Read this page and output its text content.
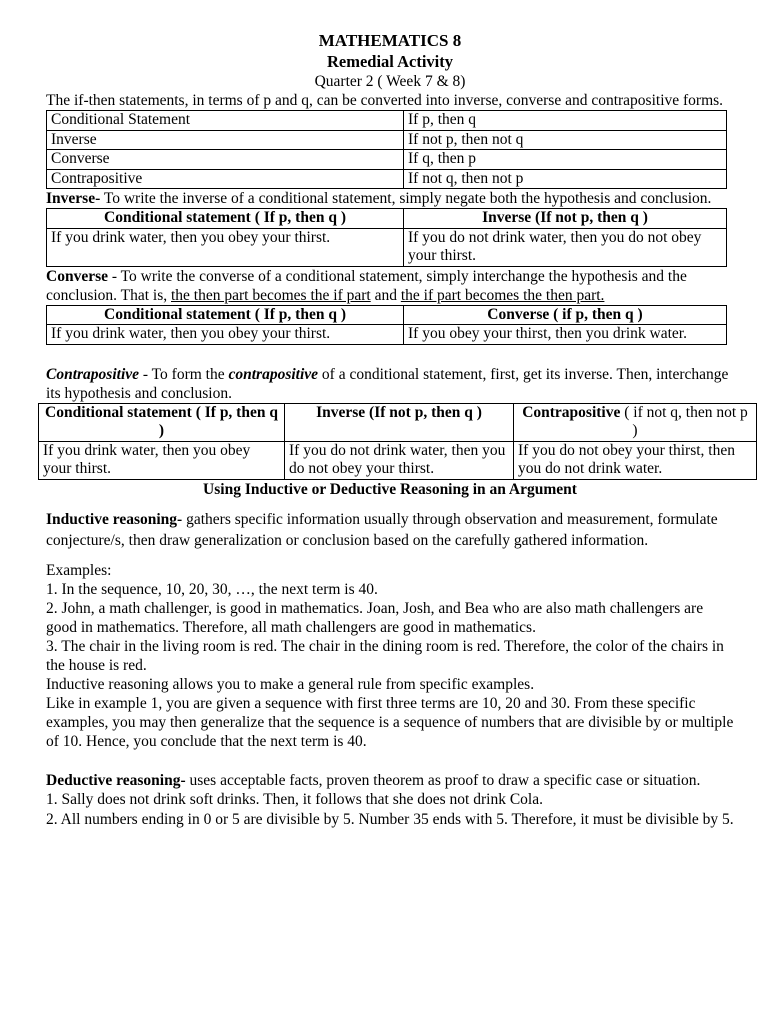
MATHEMATICS 8
Remedial Activity
Quarter 2 ( Week 7 & 8)

The if-then statements, in terms of p and q, can be converted into inverse, converse and contrapositive forms.

Conditional Statement	If p, then q
Inverse	If not p, then not q
Converse	If q, then p
Contrapositive	If not q, then not p

Inverse- To write the inverse of a conditional statement, simply negate both the hypothesis and conclusion.

Conditional statement ( If p, then q )	Inverse (If not p, then q )
If you drink water, then you obey your thirst.	If you do not drink water, then you do not obey your thirst.

Converse - To write the converse of a conditional statement, simply interchange the hypothesis and the conclusion. That is, the then part becomes the if part and the if part becomes the then part.

Conditional statement ( If p, then q )	Converse ( if p, then q )
If you drink water, then you obey your thirst.	If you obey your thirst, then you drink water.

Contrapositive - To form the contrapositive of a conditional statement, first, get its inverse. Then, interchange its hypothesis and conclusion.

Conditional statement ( If p, then q )	Inverse (If not p, then q )	Contrapositive ( if not q, then not p )
If you drink water, then you obey your thirst.	If you do not drink water, then you do not obey your thirst.	If you do not obey your thirst, then you do not drink water.
Using Inductive or Deductive Reasoning in an Argument

Inductive reasoning- gathers specific information usually through observation and measurement, formulate conjecture/s, then draw generalization or conclusion based on the carefully gathered information.

Examples:

1. In the sequence, 10, 20, 30, …, the next term is 40.

2. John, a math challenger, is good in mathematics. Joan, Josh, and Bea who are also math challengers are good in mathematics. Therefore, all math challengers are good in mathematics.

3. The chair in the living room is red. The chair in the dining room is red. Therefore, the color of the chairs in the house is red.

Inductive reasoning allows you to make a general rule from specific examples.

Like in example 1, you are given a sequence with first three terms are 10, 20 and 30. From these specific examples, you may then generalize that the sequence is a sequence of numbers that are divisible by or multiple of 10. Hence, you conclude that the next term is 40.

Deductive reasoning- uses acceptable facts, proven theorem as proof to draw a specific case or situation.

1. Sally does not drink soft drinks. Then, it follows that she does not drink Cola.

2. All numbers ending in 0 or 5 are divisible by 5. Number 35 ends with 5. Therefore, it must be divisible by 5.
